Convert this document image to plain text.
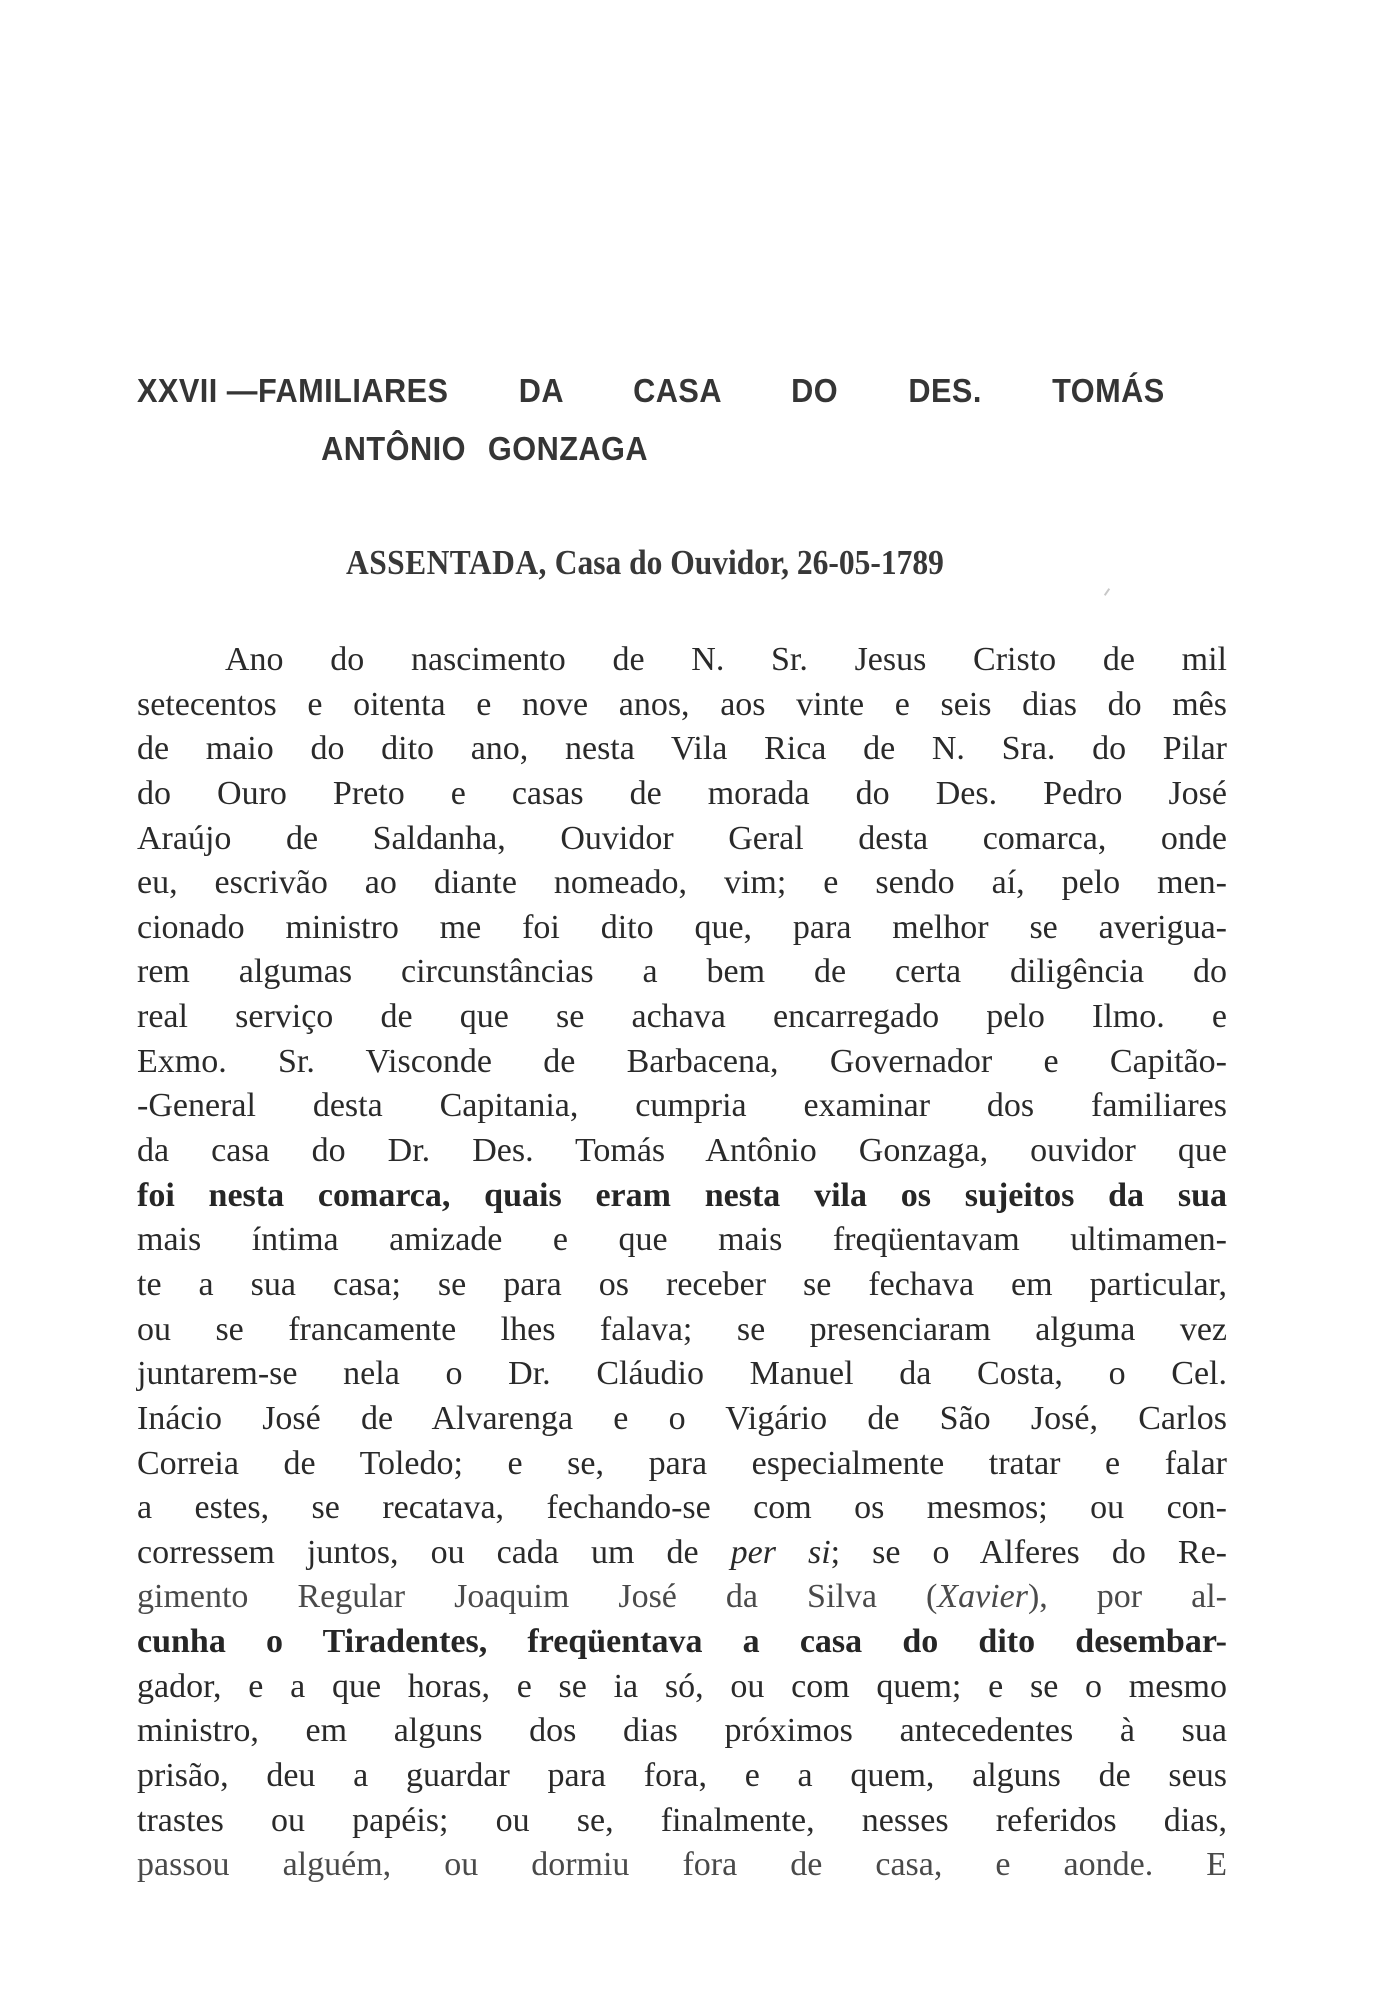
XXVII — FAMILIARES DA CASA DO DES. TOMÁS
ANTÔNIO GONZAGA
ASSENTADA, Casa do Ouvidor, 26-05-1789
Ano do nascimento de N. Sr. Jesus Cristo de mil
setecentos e oitenta e nove anos, aos vinte e seis dias do mês
de maio do dito ano, nesta Vila Rica de N. Sra. do Pilar
do Ouro Preto e casas de morada do Des. Pedro José
Araújo de Saldanha, Ouvidor Geral desta comarca, onde
eu, escrivão ao diante nomeado, vim; e sendo aí, pelo men-
cionado ministro me foi dito que, para melhor se averigua-
rem algumas circunstâncias a bem de certa diligência do
real serviço de que se achava encarregado pelo Ilmo. e
Exmo. Sr. Visconde de Barbacena, Governador e Capitão-
-General desta Capitania, cumpria examinar dos familiares
da casa do Dr. Des. Tomás Antônio Gonzaga, ouvidor que
foi nesta comarca, quais eram nesta vila os sujeitos da sua
mais íntima amizade e que mais freqüentavam ultimamen-
te a sua casa; se para os receber se fechava em particular,
ou se francamente lhes falava; se presenciaram alguma vez
juntarem-se nela o Dr. Cláudio Manuel da Costa, o Cel.
Inácio José de Alvarenga e o Vigário de São José, Carlos
Correia de Toledo; e se, para especialmente tratar e falar
a estes, se recatava, fechando-se com os mesmos; ou con-
corressem juntos, ou cada um de per si; se o Alferes do Re-
gimento Regular Joaquim José da Silva (Xavier), por al-
cunha o Tiradentes, freqüentava a casa do dito desembar-
gador, e a que horas, e se ia só, ou com quem; e se o mesmo
ministro, em alguns dos dias próximos antecedentes à sua
prisão, deu a guardar para fora, e a quem, alguns de seus
trastes ou papéis; ou se, finalmente, nesses referidos dias,
passou alguém, ou dormiu fora de casa, e aonde. E
